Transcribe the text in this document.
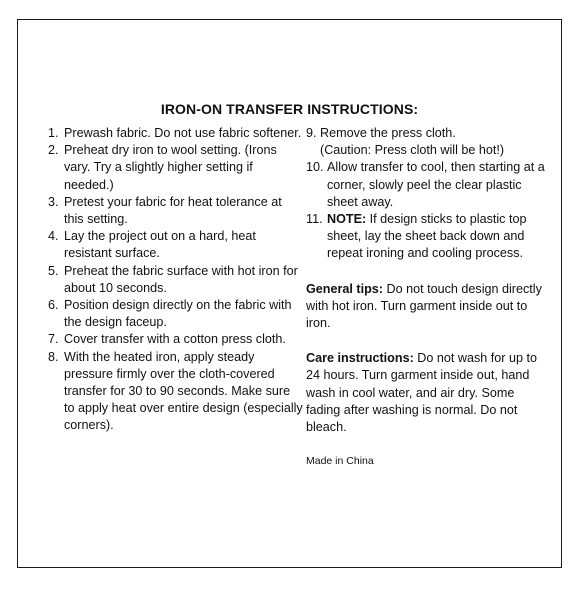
IRON-ON TRANSFER INSTRUCTIONS:
1. Prewash fabric. Do not use fabric softener.
2. Preheat dry iron to wool setting. (Irons vary. Try a slightly higher setting if needed.)
3. Pretest your fabric for heat tolerance at this setting.
4. Lay the project out on a hard, heat resistant surface.
5. Preheat the fabric surface with hot iron for about 10 seconds.
6. Position design directly on the fabric with the design faceup.
7. Cover transfer with a cotton press cloth.
8. With the heated iron, apply steady pressure firmly over the cloth-covered transfer for 30 to 90 seconds. Make sure to apply heat over entire design (especially corners).
9. Remove the press cloth.
(Caution: Press cloth will be hot!)
10. Allow transfer to cool, then starting at a corner, slowly peel the clear plastic sheet away.
11. NOTE: If design sticks to plastic top sheet, lay the sheet back down and repeat ironing and cooling process.

General tips: Do not touch design directly with hot iron. Turn garment inside out to iron.

Care instructions: Do not wash for up to 24 hours. Turn garment inside out, hand wash in cool water, and air dry. Some fading after washing is normal. Do not bleach.

Made in China
